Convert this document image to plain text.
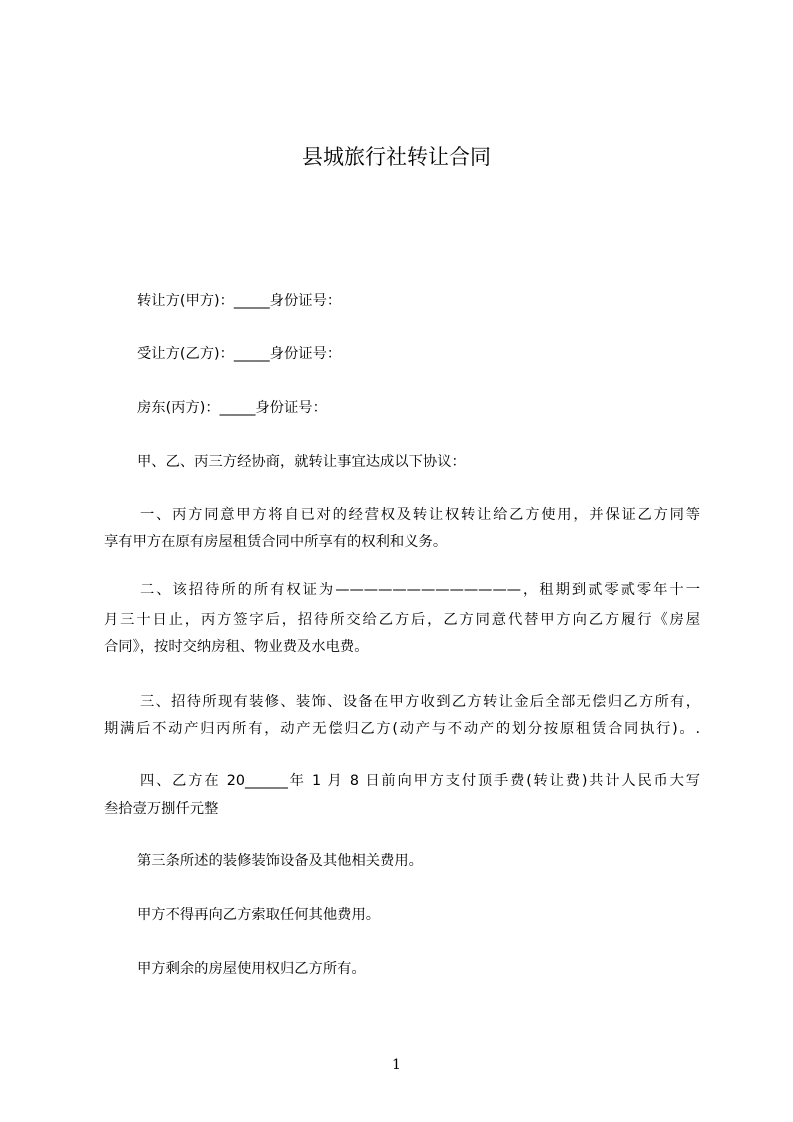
县城旅行社转让合同
转让方(甲方)：_____身份证号：
受让方(乙方)：_____身份证号：
房东(丙方)：_____身份证号：
甲、乙、丙三方经协商，就转让事宜达成以下协议：
一、丙方同意甲方将自已对的经营权及转让权转让给乙方使用，并保证乙方同等
享有甲方在原有房屋租赁合同中所享有的权利和义务。
二、该招待所的所有权证为—————————————，租期到贰零贰零年十一
月三十日止，丙方签字后，招待所交给乙方后，乙方同意代替甲方向乙方履行《房屋
合同》，按时交纳房租、物业费及水电费。
三、招待所现有装修、装饰、设备在甲方收到乙方转让金后全部无偿归乙方所有，
期满后不动产归丙所有，动产无偿归乙方(动产与不动产的划分按原租赁合同执行)。.
四、乙方在 20______年 1 月 8 日前向甲方支付顶手费(转让费)共计人民币大写
叁拾壹万捌仟元整
第三条所述的装修装饰设备及其他相关费用。
甲方不得再向乙方索取任何其他费用。
甲方剩余的房屋使用权归乙方所有。
1
